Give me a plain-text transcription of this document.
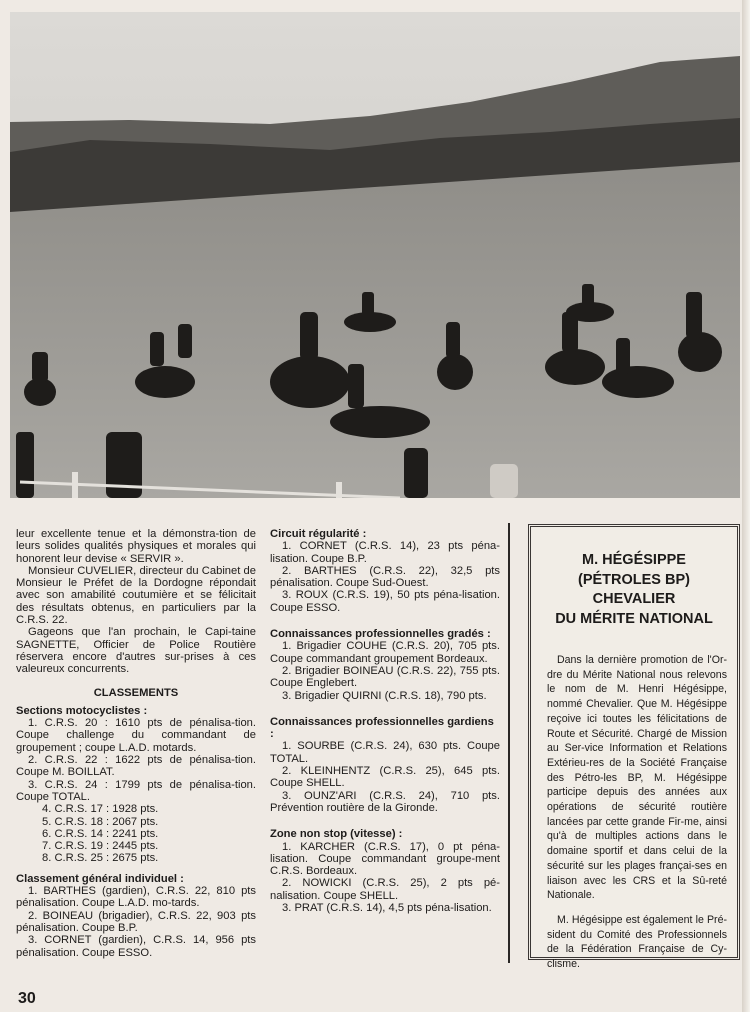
leur excellente tenue et la démonstra-tion de leurs solides qualités physiques et morales qui honorent leur devise « SERVIR ».

Monsieur CUVELIER, directeur du Cabinet de Monsieur le Préfet de la Dordogne répondait avec son amabilité coutumière et se félicitait des résultats obtenus, en particuliers par la C.R.S. 22.

Gageons que l'an prochain, le Capi-taine SAGNETTE, Officier de Police Routière réservera encore d'autres sur-prises à ces valeureux concurrents.

CLASSEMENTS
Sections motocyclistes :

1. C.R.S. 20 : 1610 pts de pénalisa-tion. Coupe challenge du commandant de groupement ; coupe L.A.D. motards.

2. C.R.S. 22 : 1622 pts de pénalisa-tion. Coupe M. BOILLAT.

3. C.R.S. 24 : 1799 pts de pénalisa-tion. Coupe TOTAL.

4. C.R.S. 17 : 1928 pts.

5. C.R.S. 18 : 2067 pts.

6. C.R.S. 14 : 2241 pts.

7. C.R.S. 19 : 2445 pts.

8. C.R.S. 25 : 2675 pts.

Classement général individuel :

1. BARTHES (gardien), C.R.S. 22, 810 pts pénalisation. Coupe L.A.D. mo-tards.

2. BOINEAU (brigadier), C.R.S. 22, 903 pts pénalisation. Coupe B.P.

3. CORNET (gardien), C.R.S. 14, 956 pts pénalisation. Coupe ESSO.

Circuit régularité :

1. CORNET (C.R.S. 14), 23 pts péna-lisation. Coupe B.P.

2. BARTHES (C.R.S. 22), 32,5 pts pénalisation. Coupe Sud-Ouest.

3. ROUX (C.R.S. 19), 50 pts péna-lisation. Coupe ESSO.

Connaissances professionnelles gradés :

1. Brigadier COUHE (C.R.S. 20), 705 pts. Coupe commandant groupement Bordeaux.

2. Brigadier BOINEAU (C.R.S. 22), 755 pts. Coupe Englebert.

3. Brigadier QUIRNI (C.R.S. 18), 790 pts.

Connaissances professionnelles gardiens :

1. SOURBE (C.R.S. 24), 630 pts. Coupe TOTAL.

2. KLEINHENTZ (C.R.S. 25), 645 pts. Coupe SHELL.

3. OUNZ'ARI (C.R.S. 24), 710 pts. Prévention routière de la Gironde.

Zone non stop (vitesse) :

1. KARCHER (C.R.S. 17), 0 pt péna-lisation. Coupe commandant groupe-ment C.R.S. Bordeaux.

2. NOWICKI (C.R.S. 25), 2 pts pé-nalisation. Coupe SHELL.

3. PRAT (C.R.S. 14), 4,5 pts péna-lisation.

M. HÉGÉSIPPE
(PÉTROLES BP)
CHEVALIER
DU MÉRITE NATIONAL

Dans la dernière promotion de l'Or-dre du Mérite National nous relevons le nom de M. Henri Hégésippe, nommé Chevalier. Que M. Hégésippe reçoive ici toutes les félicitations de Route et Sécurité. Chargé de Mission au Ser-vice Information et Relations Extérieu-res de la Société Française des Pétro-les BP, M. Hégésippe participe depuis des années aux opérations de sécurité routière lancées par cette grande Fir-me, ainsi qu'à de multiples actions dans le domaine sportif et dans celui de la sécurité sur les plages françai-ses en liaison avec les CRS et la Sû-reté Nationale.

M. Hégésippe est également le Pré-sident du Comité des Professionnels de la Fédération Française de Cy-clisme.

30
